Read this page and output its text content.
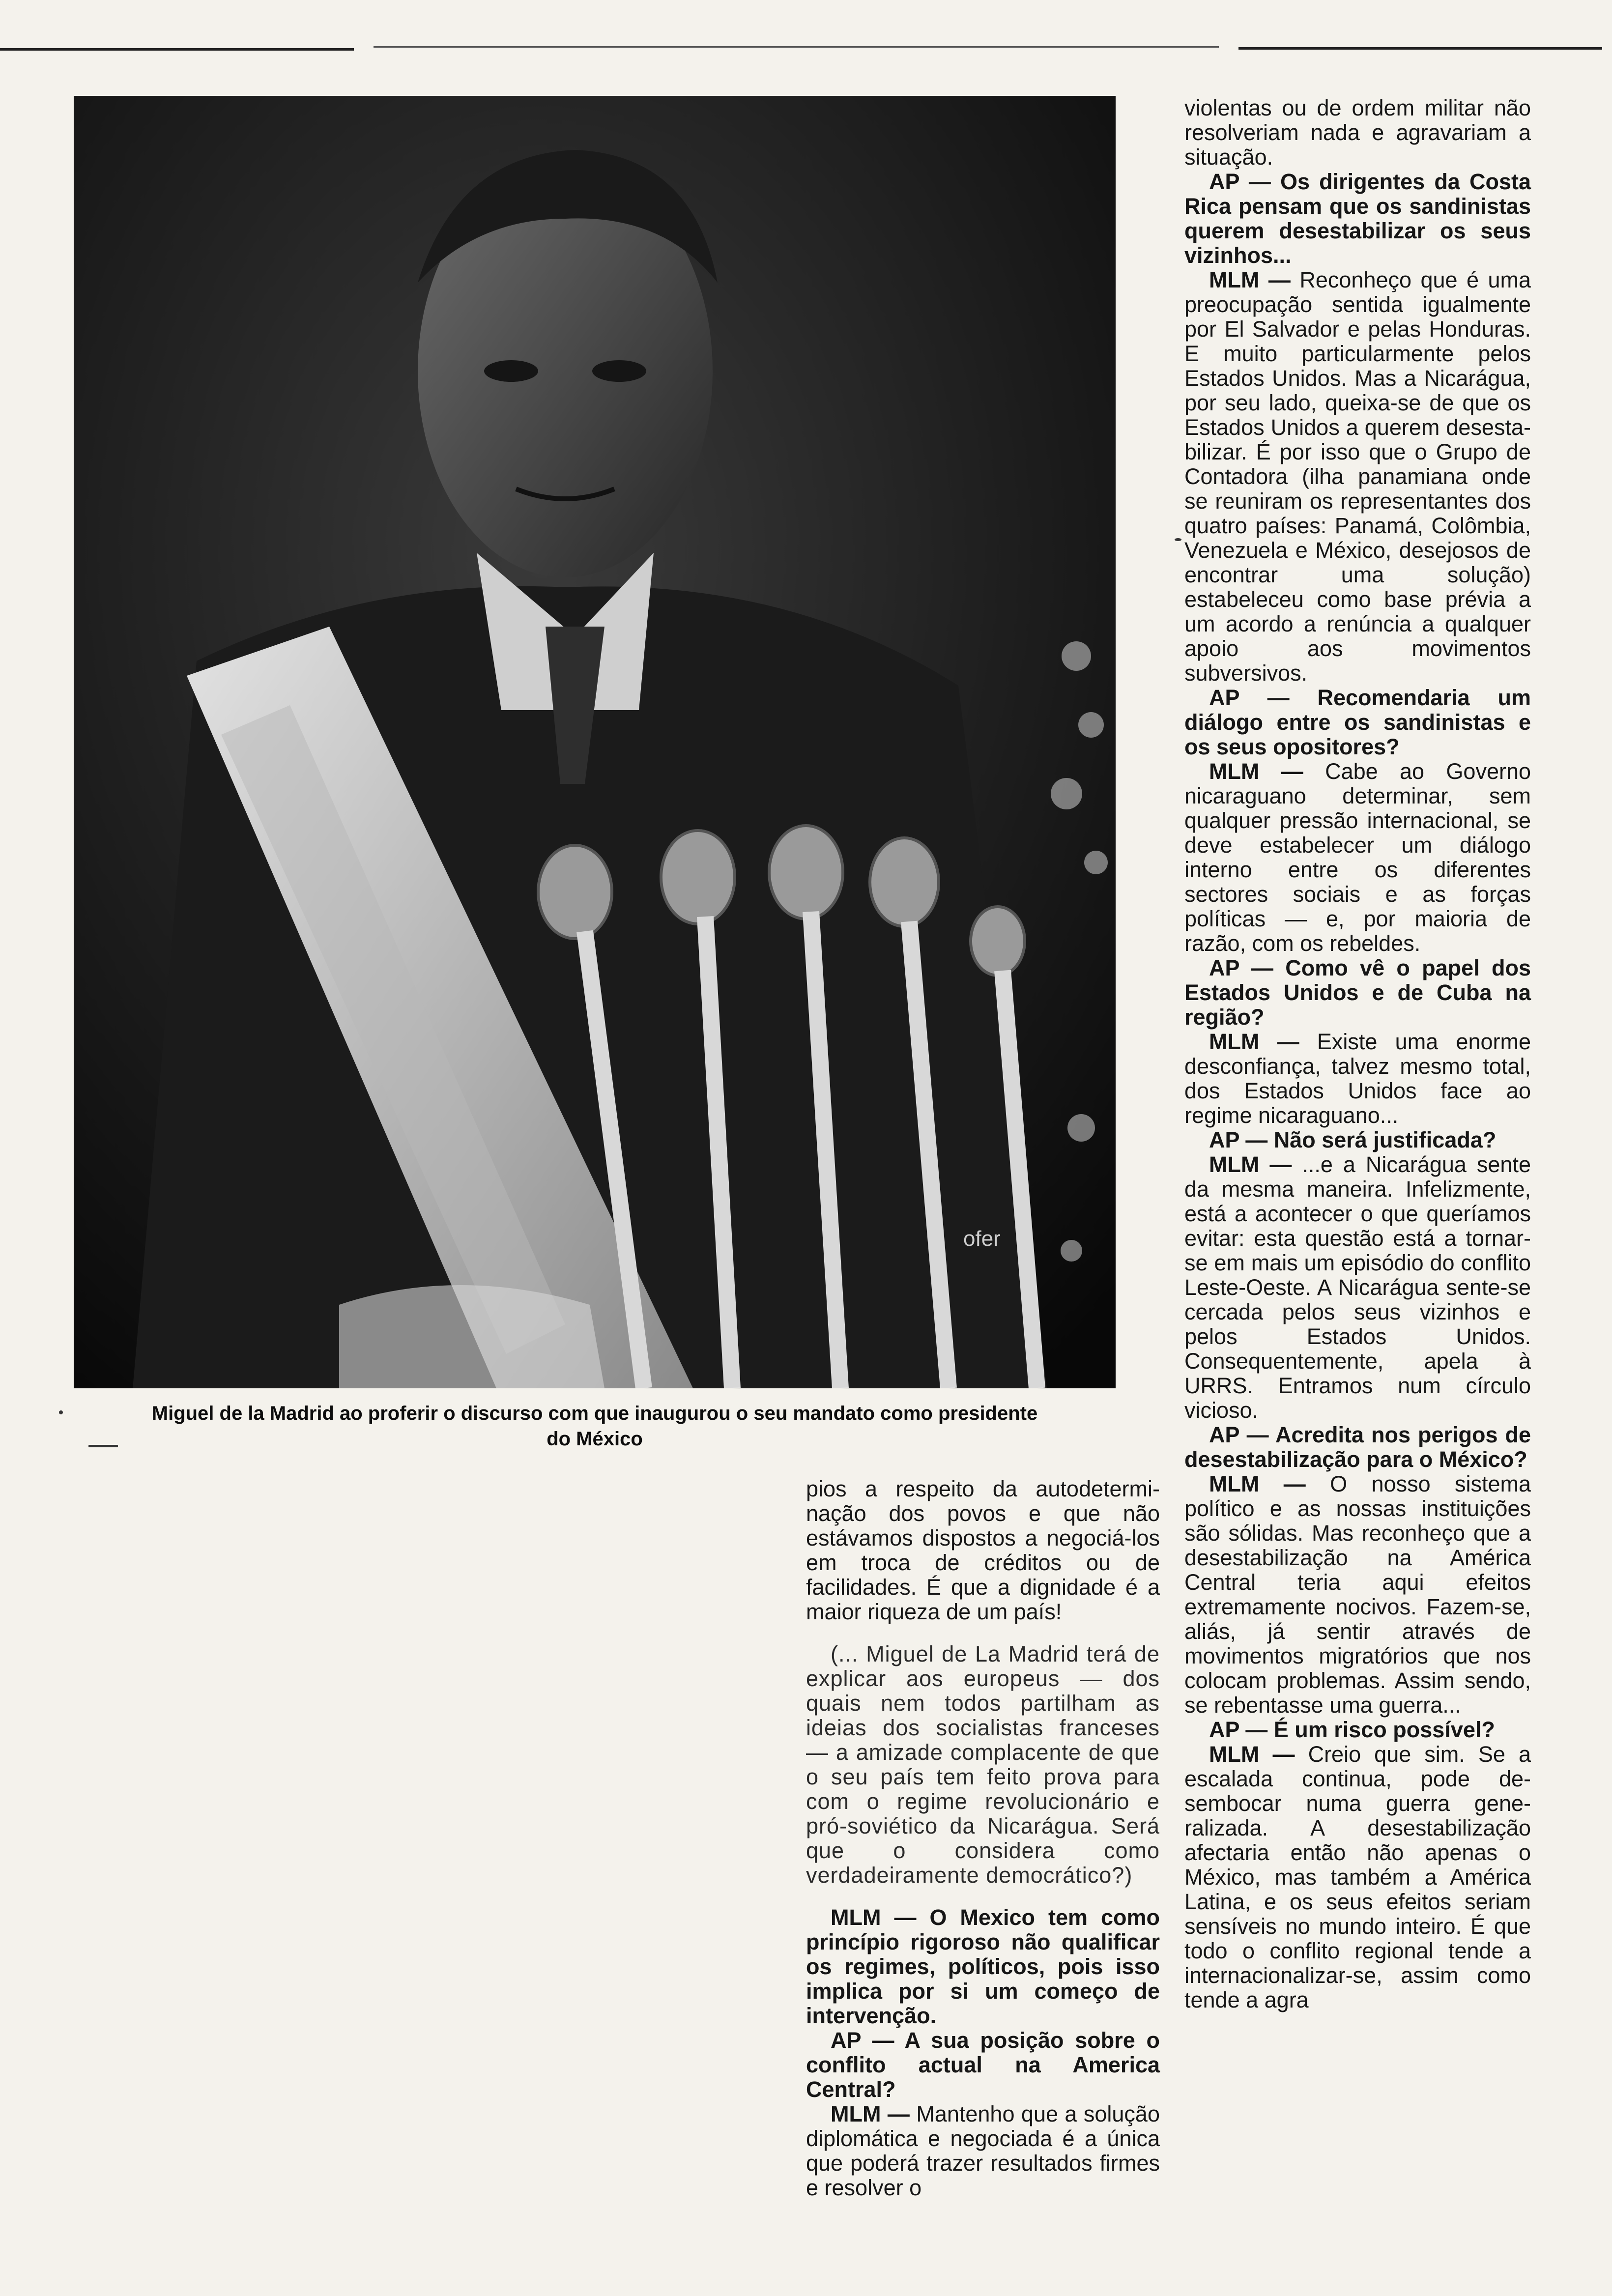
ofer
Miguel de la Madrid ao proferir o discurso com que inaugurou o seu mandato como presidente
do México

pios a respeito da autodeterminação dos povos e que não estávamos dispostos a negociá-los em troca de créditos ou de facilidades. É que a dignidade é a maior riqueza de um país!

(... Miguel de La Madrid terá de explicar aos europeus — dos quais nem todos partilham as ideias dos socialistas franceses — a amizade complacente de que o seu país tem feito prova para com o regime revolucionário e pró-soviético da Nicarágua. Será que o considera como verdadeiramente democrático?)

MLM — O Mexico tem como princípio rigoroso não qualificar os regimes, políticos, pois isso implica por si um começo de intervenção.

AP — A sua posição sobre o conflito actual na America Central?

MLM — Mantenho que a solução diplomática e negociada é a única que poderá trazer resultados firmes e resolver o

violentas ou de ordem militar não resolveriam nada e agravariam a situação.

AP — Os dirigentes da Costa Rica pensam que os sandinistas querem desestabilizar os seus vizinhos...

MLM — Reconheço que é uma preocupação sentida igualmente por El Salvador e pelas Honduras. E muito particularmente pelos Estados Unidos. Mas a Nicarágua, por seu lado, queixa-se de que os Estados Unidos a querem desestabilizar. É por isso que o Grupo de Contadora (ilha panamiana onde se reuniram os representantes dos quatro países: Panamá, Colômbia, Venezuela e México, desejosos de encontrar uma solução) estabeleceu como base prévia a um acordo a renúncia a qualquer apoio aos movimentos subversivos.

AP — Recomendaria um diálogo entre os sandinistas e os seus opositores?

MLM — Cabe ao Governo nicaraguano determinar, sem qualquer pressão internacional, se deve estabelecer um diálogo interno entre os diferentes sectores sociais e as forças políticas — e, por maioria de razão, com os rebeldes.

AP — Como vê o papel dos Estados Unidos e de Cuba na região?

MLM — Existe uma enorme desconfiança, talvez mesmo total, dos Estados Unidos face ao regime nicaraguano...

AP — Não será justificada?

MLM — ...e a Nicarágua sente da mesma maneira. Infelizmente, está a acontecer o que queríamos evitar: esta questão está a tornar-se em mais um episódio do conflito Leste-Oeste. A Nicarágua sente-se cercada pelos seus vizinhos e pelos Estados Unidos. Consequentemente, apela à URRS. Entramos num círculo vicioso.

AP — Acredita nos perigos de desestabilização para o México?

MLM — O nosso sistema político e as nossas instituições são sólidas. Mas reconheço que a desestabilização na América Central teria aqui efeitos extremamente nocivos. Fazem-se, aliás, já sentir através de movimentos migratórios que nos colocam problemas. Assim sendo, se rebentasse uma guerra...

AP — É um risco possível?

MLM — Creio que sim. Se a escalada continua, pode desembocar numa guerra generalizada. A desestabilização afectaria então não apenas o México, mas também a América Latina, e os seus efeitos seriam sensíveis no mundo inteiro. É que todo o conflito regional tende a internacionalizar-se, assim como tende a agra
